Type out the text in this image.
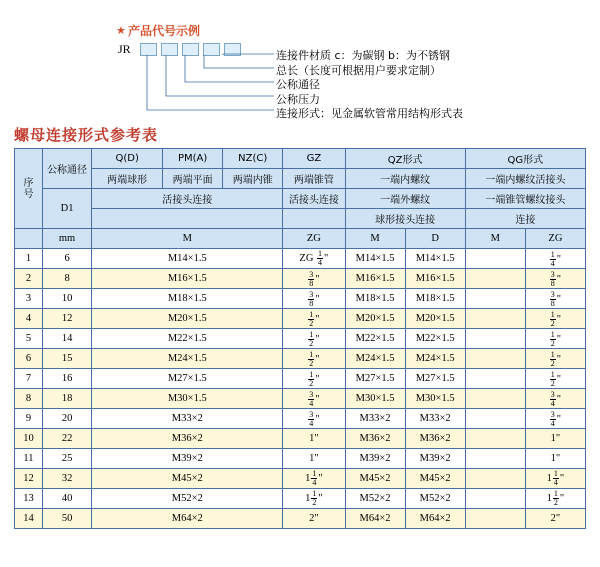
★ 产品代号示例
JR	连接件材质 c：为碳钢 b：为不锈钢
总长（长度可根据用户要求定制）
公称通径
公称压力
连接形式：见金属软管常用结构形式表
螺母连接形式参考表
序
号	公称通径	Q(D)	PM(A)	NZ(C)	GZ	QZ形式		QG形式	
		两端球形	两端平面	两端内锥	两端锥管	一端内螺纹		一端内螺纹活接头	
	D1	活接头连接			活接头连接	一端外螺纹		一端锥管螺纹接头	
						球形接头连接		连接	
	mm	M			ZG	M	D	M	ZG
1	6	M14×1.5			ZG $\frac{1}{4}$ "	M14×1.5	M14×1.5		$\frac{1}{4}$ "
2	8	M16×1.5			$\frac{3}{8}$ "	M16×1.5	M16×1.5		$\frac{3}{8}$ "
3	10	M18×1.5			$\frac{3}{8}$ "	M18×1.5	M18×1.5		$\frac{3}{8}$ "
4	12	M20×1.5			$\frac{1}{2}$ "	M20×1.5	M20×1.5		$\frac{1}{2}$ "
5	14	M22×1.5			$\frac{1}{2}$ "	M22×1.5	M22×1.5		$\frac{1}{2}$ "
6	15	M24×1.5			$\frac{1}{2}$ "	M24×1.5	M24×1.5		$\frac{1}{2}$ "
7	16	M27×1.5			$\frac{1}{2}$ "	M27×1.5	M27×1.5		$\frac{1}{2}$ "
8	18	M30×1.5			$\frac{3}{4}$ "	M30×1.5	M30×1.5		$\frac{3}{4}$ "
9	20	M33×2			$\frac{3}{4}$ "	M33×2	M33×2		$\frac{3}{4}$ "
10	22	M36×2			1"	M36×2	M36×2		1"
11	25	M39×2			1"	M39×2	M39×2		1"
12	32	M45×2			$1 \frac{1}{4}$ "	M45×2	M45×2		$1 \frac{1}{4}$ "
13	40	M52×2			$1 \frac{1}{2}$ "	M52×2	M52×2		$1 \frac{1}{2}$ "
14	50	M64×2			2"	M64×2	M64×2		2"
